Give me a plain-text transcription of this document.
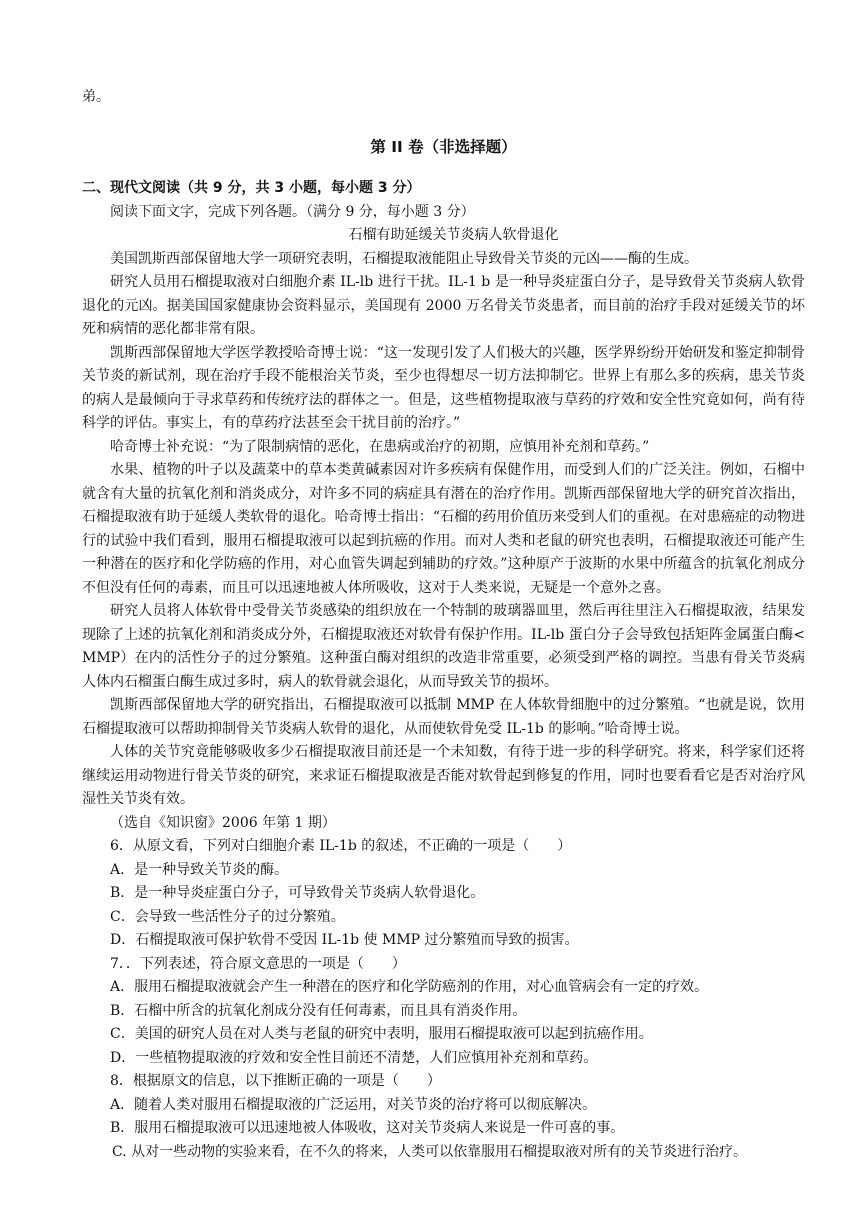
弟。
第 II 卷（非选择题）
二、现代文阅读（共 9 分，共 3 小题，每小题 3 分）
阅读下面文字，完成下列各题。（满分 9 分，每小题 3 分）
石榴有助延缓关节炎病人软骨退化
美国凯斯西部保留地大学一项研究表明，石榴提取液能阻止导致骨关节炎的元凶——酶的生成。
研究人员用石榴提取液对白细胞介素 IL-lb 进行干扰。IL-1 b 是一种导炎症蛋白分子，是导致骨关节炎病人软骨退化的元凶。据美国国家健康协会资料显示，美国现有 2000 万名骨关节炎患者，而目前的治疗手段对延缓关节的坏死和病情的恶化都非常有限。
凯斯西部保留地大学医学教授哈奇博士说：“这一发现引发了人们极大的兴趣，医学界纷纷开始研发和鉴定抑制骨关节炎的新试剂，现在治疗手段不能根治关节炎，至少也得想尽一切方法抑制它。世界上有那么多的疾病，患关节炎的病人是最倾向于寻求草药和传统疗法的群体之一。但是，这些植物提取液与草药的疗效和安全性究竟如何，尚有待科学的评估。事实上，有的草药疗法甚至会干扰目前的治疗。”
哈奇博士补充说：“为了限制病情的恶化，在患病或治疗的初期，应慎用补充剂和草药。”
水果、植物的叶子以及蔬菜中的草本类黄碱素因对许多疾病有保健作用，而受到人们的广泛关注。例如，石榴中就含有大量的抗氧化剂和消炎成分，对许多不同的病症具有潜在的治疗作用。凯斯西部保留地大学的研究首次指出，石榴提取液有助于延缓人类软骨的退化。哈奇博士指出：“石榴的药用价值历来受到人们的重视。在对患癌症的动物进行的试验中我们看到，服用石榴提取液可以起到抗癌的作用。而对人类和老鼠的研究也表明，石榴提取液还可能产生一种潜在的医疗和化学防癌的作用，对心血管失调起到辅助的疗效。”这种原产于波斯的水果中所蕴含的抗氧化剂成分不但没有任何的毒素，而且可以迅速地被人体所吸收，这对于人类来说，无疑是一个意外之喜。
研究人员将人体软骨中受骨关节炎感染的组织放在一个特制的玻璃器皿里，然后再往里注入石榴提取液，结果发现除了上述的抗氧化剂和消炎成分外，石榴提取液还对软骨有保护作用。IL-lb 蛋白分子会导致包括矩阵金属蛋白酶< MMP）在内的活性分子的过分繁殖。这种蛋白酶对组织的改造非常重要，必须受到严格的调控。当患有骨关节炎病人体内石榴蛋白酶生成过多时，病人的软骨就会退化，从而导致关节的损坏。
凯斯西部保留地大学的研究指出，石榴提取液可以抵制 MMP 在人体软骨细胞中的过分繁殖。“也就是说，饮用石榴提取液可以帮助抑制骨关节炎病人软骨的退化，从而使软骨免受 IL-1b 的影响。”哈奇博士说。
人体的关节究竟能够吸收多少石榴提取液目前还是一个未知数，有待于进一步的科学研究。将来，科学家们还将继续运用动物进行骨关节炎的研究，来求证石榴提取液是否能对软骨起到修复的作用，同时也要看看它是否对治疗风湿性关节炎有效。
（选自《知识窗》2006 年第 1 期）
6．从原文看，下列对白细胞介素 IL-1b 的叙述，不正确的一项是（　　）
A．是一种导致关节炎的酶。
B．是一种导炎症蛋白分子，可导致骨关节炎病人软骨退化。
C．会导致一些活性分子的过分繁殖。
D．石榴提取液可保护软骨不受因 IL-1b 使 MMP 过分繁殖而导致的损害。
7．．下列表述，符合原文意思的一项是（　　）
A．服用石榴提取液就会产生一种潜在的医疗和化学防癌剂的作用，对心血管病会有一定的疗效。
B．石榴中所含的抗氧化剂成分没有任何毒素，而且具有消炎作用。
C．美国的研究人员在对人类与老鼠的研究中表明，服用石榴提取液可以起到抗癌作用。
D．一些植物提取液的疗效和安全性目前还不清楚，人们应慎用补充剂和草药。
8．根据原文的信息，以下推断正确的一项是（　　）
A．随着人类对服用石榴提取液的广泛运用，对关节炎的治疗将可以彻底解决。
B．服用石榴提取液可以迅速地被人体吸收，这对关节炎病人来说是一件可喜的事。
C. 从对一些动物的实验来看，在不久的将来，人类可以依靠服用石榴提取液对所有的关节炎进行治疗。
